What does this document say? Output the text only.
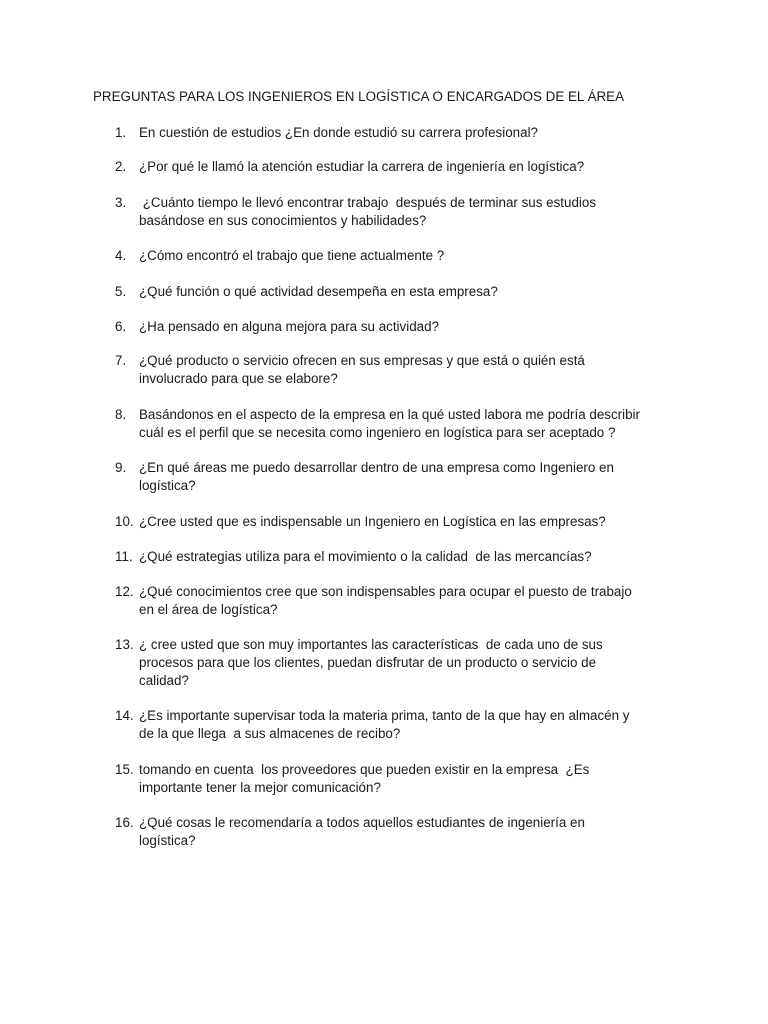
PREGUNTAS PARA LOS INGENIEROS EN LOGÍSTICA O ENCARGADOS DE EL ÁREA
1. En cuestión de estudios ¿En donde estudió su carrera profesional?
2. ¿Por qué le llamó la atención estudiar la carrera de ingeniería en logística?
3. ¿Cuánto tiempo le llevó encontrar trabajo  después de terminar sus estudios
basándose en sus conocimientos y habilidades?
4. ¿Cómo encontró el trabajo que tiene actualmente ?
5. ¿Qué función o qué actividad desempeña en esta empresa?
6. ¿Ha pensado en alguna mejora para su actividad?
7. ¿Qué producto o servicio ofrecen en sus empresas y que está o quién está
involucrado para que se elabore?
8. Basándonos en el aspecto de la empresa en la qué usted labora me podría describir
cuál es el perfil que se necesita como ingeniero en logística para ser aceptado ?
9. ¿En qué áreas me puedo desarrollar dentro de una empresa como Ingeniero en
logística?
10. ¿Cree usted que es indispensable un Ingeniero en Logística en las empresas?
11. ¿Qué estrategias utiliza para el movimiento o la calidad  de las mercancías?
12. ¿Qué conocimientos cree que son indispensables para ocupar el puesto de trabajo
en el área de logística?
13. ¿ cree usted que son muy importantes las características  de cada uno de sus
procesos para que los clientes, puedan disfrutar de un producto o servicio de
calidad?
14. ¿Es importante supervisar toda la materia prima, tanto de la que hay en almacén y
de la que llega  a sus almacenes de recibo?
15. tomando en cuenta  los proveedores que pueden existir en la empresa  ¿Es
importante tener la mejor comunicación?
16. ¿Qué cosas le recomendaría a todos aquellos estudiantes de ingeniería en
logística?
